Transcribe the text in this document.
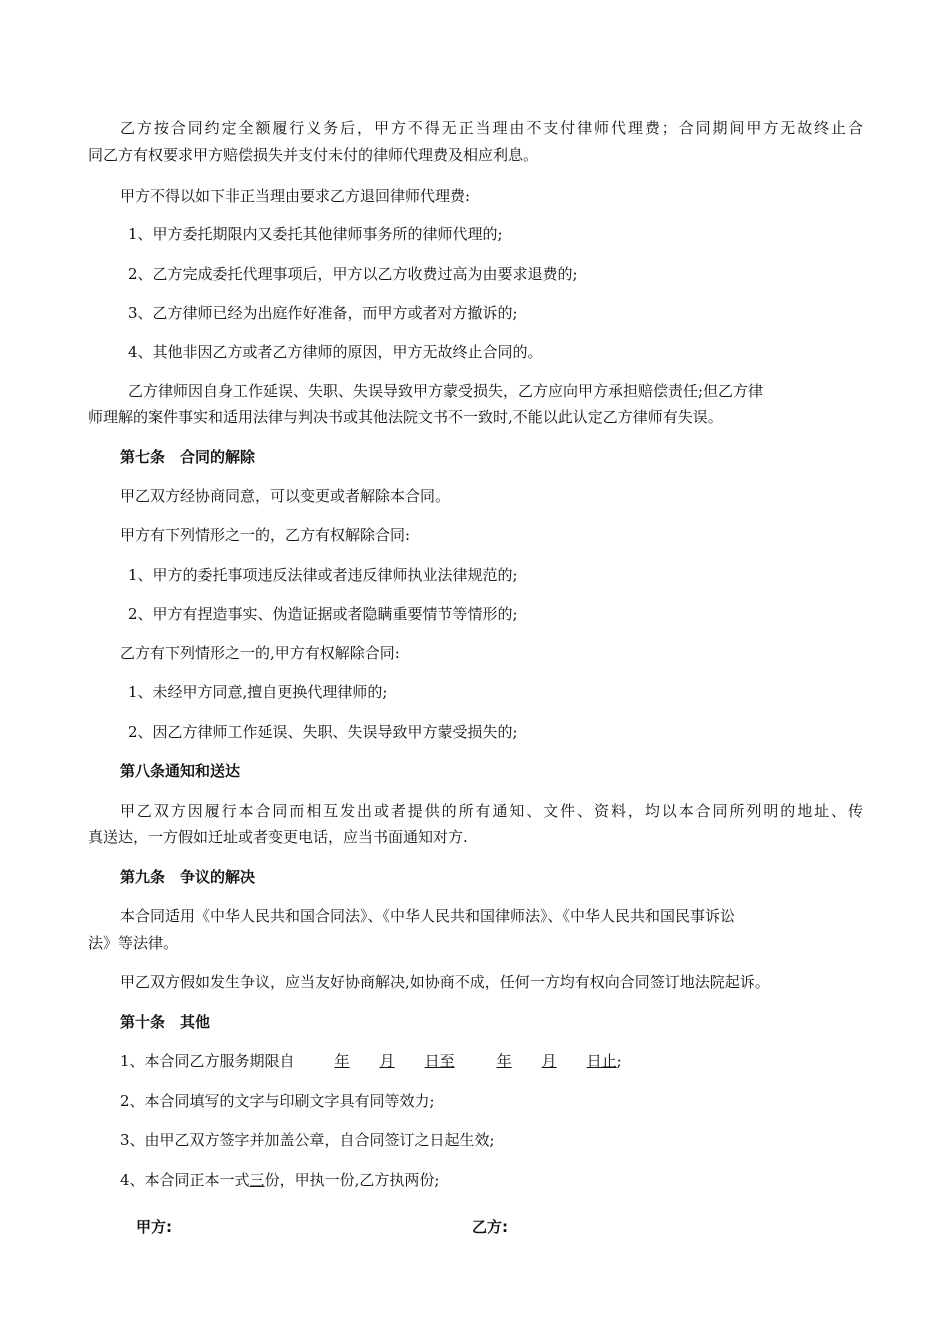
乙方按合同约定全额履行义务后，甲方不得无正当理由不支付律师代理费；合同期间甲方无故终止合
同乙方有权要求甲方赔偿损失并支付未付的律师代理费及相应利息。
甲方不得以如下非正当理由要求乙方退回律师代理费:
1、甲方委托期限内又委托其他律师事务所的律师代理的;
2、乙方完成委托代理事项后，甲方以乙方收费过高为由要求退费的;
3、乙方律师已经为出庭作好准备，而甲方或者对方撤诉的;
4、其他非因乙方或者乙方律师的原因，甲方无故终止合同的。
乙方律师因自身工作延误、失职、失误导致甲方蒙受损失，乙方应向甲方承担赔偿责任;但乙方律
师理解的案件事实和适用法律与判决书或其他法院文书不一致时,不能以此认定乙方律师有失误。
第七条　合同的解除
甲乙双方经协商同意，可以变更或者解除本合同。
甲方有下列情形之一的，乙方有权解除合同:
1、甲方的委托事项违反法律或者违反律师执业法律规范的;
2、甲方有捏造事实、伪造证据或者隐瞒重要情节等情形的;
乙方有下列情形之一的,甲方有权解除合同:
1、未经甲方同意,擅自更换代理律师的;
2、因乙方律师工作延误、失职、失误导致甲方蒙受损失的;
第八条通知和送达
甲乙双方因履行本合同而相互发出或者提供的所有通知、文件、资料，均以本合同所列明的地址、传
真送达，一方假如迁址或者变更电话，应当书面通知对方.
第九条　争议的解决
本合同适用《中华人民共和国合同法》、《中华人民共和国律师法》、《中华人民共和国民事诉讼
法》等法律。
甲乙双方假如发生争议，应当友好协商解决,如协商不成，任何一方均有权向合同签订地法院起诉。
第十条　其他
1、本合同乙方服务期限自	年 月 日至	年 月 日止;
2、本合同填写的文字与印刷文字具有同等效力;
3、由甲乙双方签字并加盖公章，自合同签订之日起生效;
4、本合同正本一式三份，甲执一份,乙方执两份;
甲方:	乙方:
